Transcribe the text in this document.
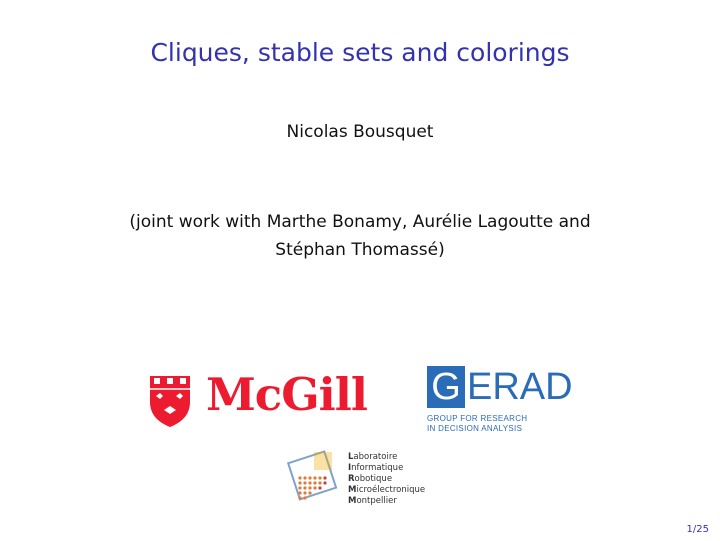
Cliques, stable sets and colorings
Nicolas Bousquet
(joint work with Marthe Bonamy, Aurélie Lagoutte and
Stéphan Thomassé)
McGill G ERAD
GROUP FOR RESEARCH
IN DECISION ANALYSIS
Laboratoire
Informatique
Robotique
Microélectronique
Montpellier
1/25
